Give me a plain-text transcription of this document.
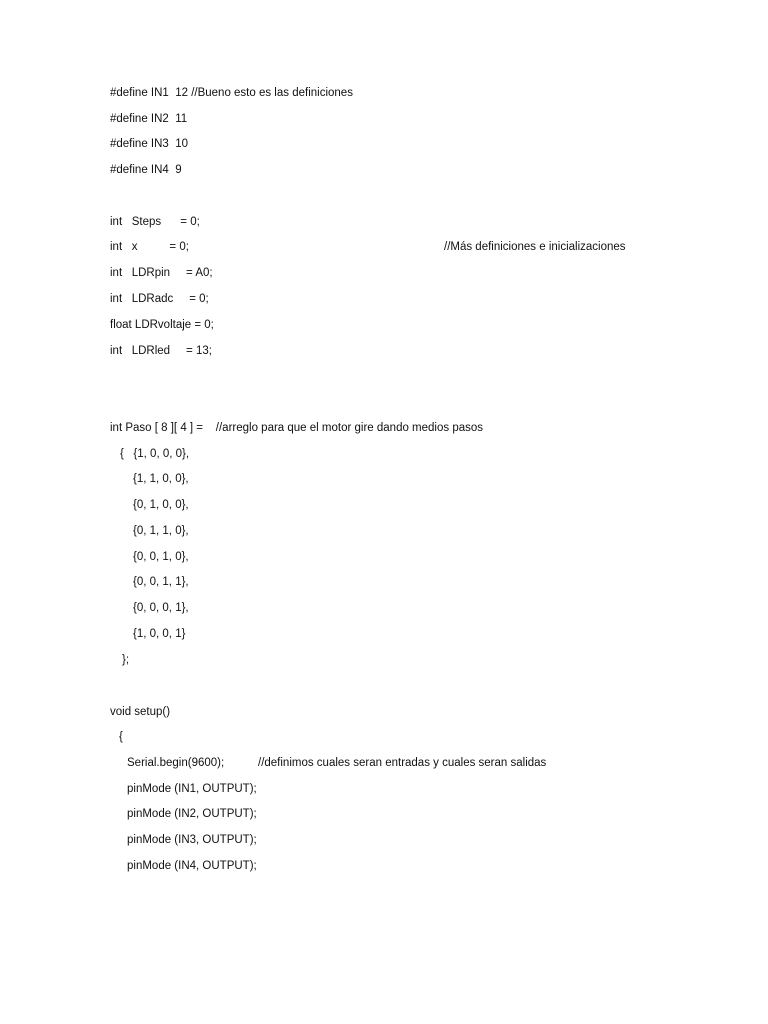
#define IN1  12 //Bueno esto es las definiciones
#define IN2  11
#define IN3  10
#define IN4  9
int   Steps      = 0;
int   x          = 0;	//Más definiciones e inicializaciones
int   LDRpin     = A0;
int   LDRadc     = 0;
float LDRvoltaje = 0;
int   LDRled     = 13;
int Paso [ 8 ][ 4 ] =    //arreglo para que el motor gire dando medios pasos
{   {1, 0, 0, 0},
{1, 1, 0, 0},
{0, 1, 0, 0},
{0, 1, 1, 0},
{0, 0, 1, 0},
{0, 0, 1, 1},
{0, 0, 0, 1},
{1, 0, 0, 1}
};
void setup()
{
Serial.begin(9600);	//definimos cuales seran entradas y cuales seran salidas
pinMode (IN1, OUTPUT);
pinMode (IN2, OUTPUT);
pinMode (IN3, OUTPUT);
pinMode (IN4, OUTPUT);
